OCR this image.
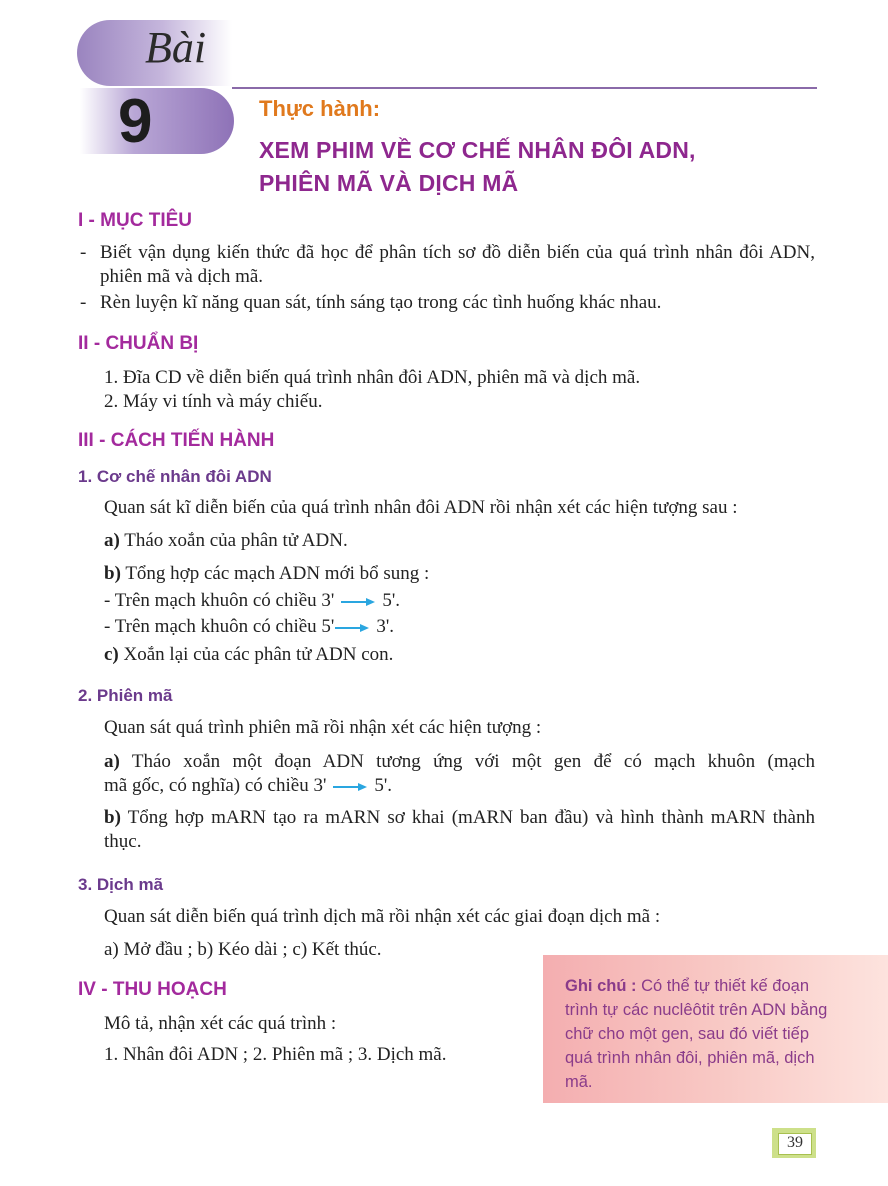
Bài
9	Thực hành:
XEM PHIM VỀ CƠ CHẾ NHÂN ĐÔI ADN,
PHIÊN MÃ VÀ DỊCH MÃ
I - MỤC TIÊU
- Biết vận dụng kiến thức đã học để phân tích sơ đồ diễn biến của quá trình nhân đôi ADN, phiên mã và dịch mã.
- Rèn luyện kĩ năng quan sát, tính sáng tạo trong các tình huống khác nhau.
II - CHUẨN BỊ
1. Đĩa CD về diễn biến quá trình nhân đôi ADN, phiên mã và dịch mã.
2. Máy vi tính và máy chiếu.
III - CÁCH TIẾN HÀNH
1. Cơ chế nhân đôi ADN
Quan sát kĩ diễn biến của quá trình nhân đôi ADN rồi nhận xét các hiện tượng sau :
a) Tháo xoắn của phân tử ADN.
b) Tổng hợp các mạch ADN mới bổ sung :
- Trên mạch khuôn có chiều 3'	5'.
- Trên mạch khuôn có chiều 5' 3'.
c) Xoắn lại của các phân tử ADN con.
2. Phiên mã
Quan sát quá trình phiên mã rồi nhận xét các hiện tượng :
a) Tháo xoắn một đoạn ADN tương ứng với một gen để có mạch khuôn (mạch
mã gốc, có nghĩa) có chiều 3'	5'.
b) Tổng hợp mARN tạo ra mARN sơ khai (mARN ban đầu) và hình thành mARN thành thục.
3. Dịch mã
Quan sát diễn biến quá trình dịch mã rồi nhận xét các giai đoạn dịch mã :
a) Mở đầu ; b) Kéo dài ; c) Kết thúc.
IV - THU HOẠCH
Mô tả, nhận xét các quá trình :
1. Nhân đôi ADN ; 2. Phiên mã ; 3. Dịch mã.
Ghi chú : Có thể tự thiết kế đoạn trình tự các nuclêôtit trên ADN bằng chữ cho một gen, sau đó viết tiếp quá trình nhân đôi, phiên mã, dịch mã.
39
